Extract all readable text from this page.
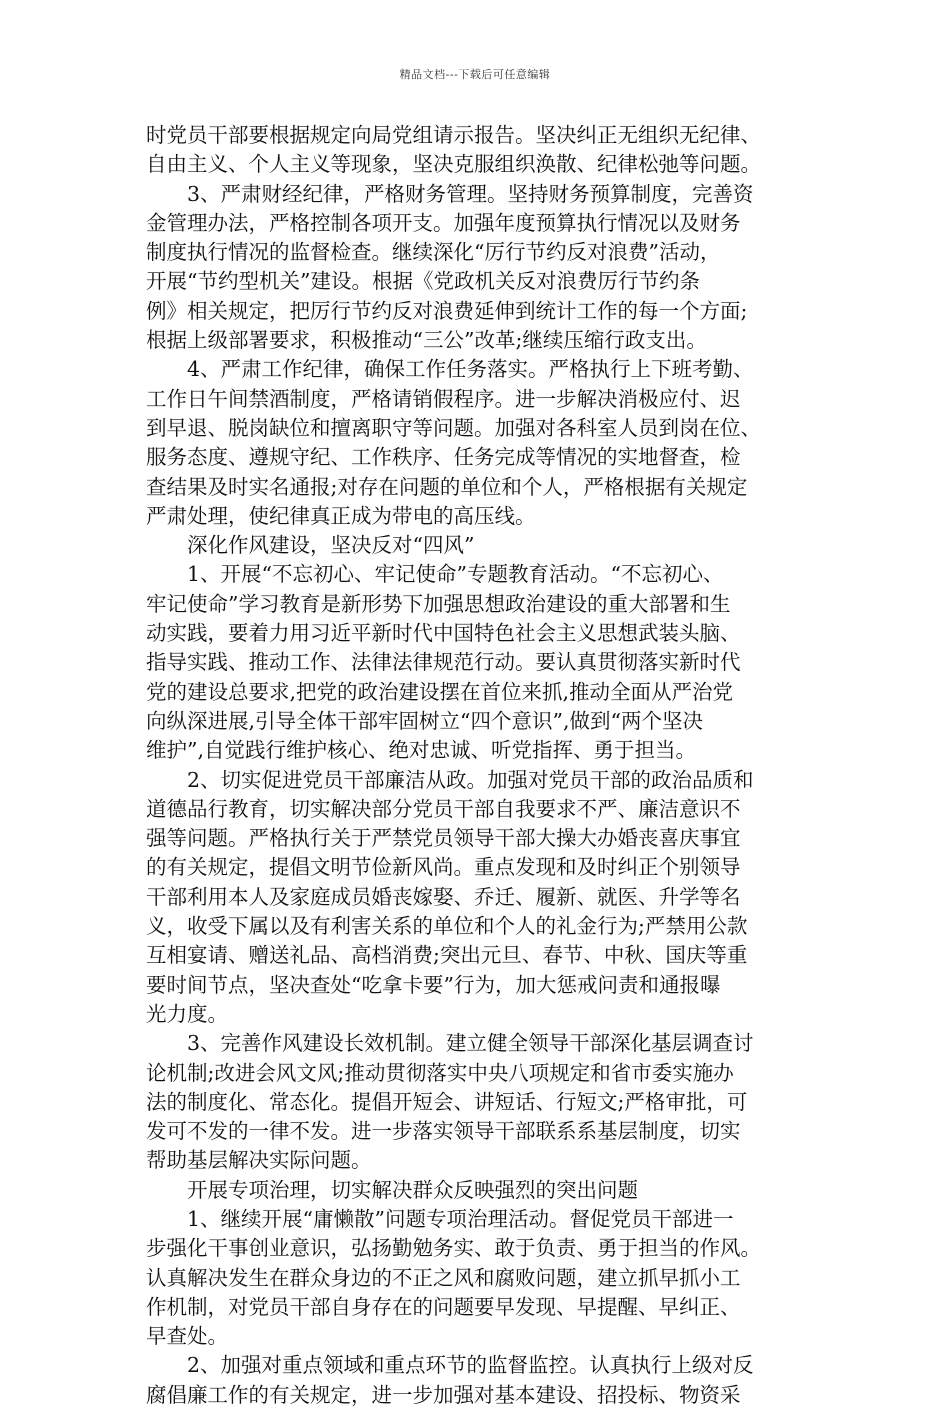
精品文档---下载后可任意编辑
时党员干部要根据规定向局党组请示报告。坚决纠正无组织无纪律、
自由主义、个人主义等现象，坚决克服组织涣散、纪律松弛等问题。
3、严肃财经纪律，严格财务管理。坚持财务预算制度，完善资
金管理办法，严格控制各项开支。加强年度预算执行情况以及财务
制度执行情况的监督检查。继续深化“厉行节约反对浪费”活动，
开展“节约型机关”建设。根据《党政机关反对浪费厉行节约条
例》相关规定，把厉行节约反对浪费延伸到统计工作的每一个方面;
根据上级部署要求，积极推动“三公”改革;继续压缩行政支出。
4、严肃工作纪律，确保工作任务落实。严格执行上下班考勤、
工作日午间禁酒制度，严格请销假程序。进一步解决消极应付、迟
到早退、脱岗缺位和擅离职守等问题。加强对各科室人员到岗在位、
服务态度、遵规守纪、工作秩序、任务完成等情况的实地督查，检
查结果及时实名通报;对存在问题的单位和个人，严格根据有关规定
严肃处理，使纪律真正成为带电的高压线。
深化作风建设，坚决反对“四风”
1、开展“不忘初心、牢记使命”专题教育活动。“不忘初心、
牢记使命”学习教育是新形势下加强思想政治建设的重大部署和生
动实践，要着力用习近平新时代中国特色社会主义思想武装头脑、
指导实践、推动工作、法律法律规范行动。要认真贯彻落实新时代
党的建设总要求,把党的政治建设摆在首位来抓,推动全面从严治党
向纵深进展,引导全体干部牢固树立“四个意识”,做到“两个坚决
维护”,自觉践行维护核心、绝对忠诚、听党指挥、勇于担当。
2、切实促进党员干部廉洁从政。加强对党员干部的政治品质和
道德品行教育，切实解决部分党员干部自我要求不严、廉洁意识不
强等问题。严格执行关于严禁党员领导干部大操大办婚丧喜庆事宜
的有关规定，提倡文明节俭新风尚。重点发现和及时纠正个别领导
干部利用本人及家庭成员婚丧嫁娶、乔迁、履新、就医、升学等名
义，收受下属以及有利害关系的单位和个人的礼金行为;严禁用公款
互相宴请、赠送礼品、高档消费;突出元旦、春节、中秋、国庆等重
要时间节点，坚决查处“吃拿卡要”行为，加大惩戒问责和通报曝
光力度。
3、完善作风建设长效机制。建立健全领导干部深化基层调查讨
论机制;改进会风文风;推动贯彻落实中央八项规定和省市委实施办
法的制度化、常态化。提倡开短会、讲短话、行短文;严格审批，可
发可不发的一律不发。进一步落实领导干部联系系基层制度，切实
帮助基层解决实际问题。
开展专项治理，切实解决群众反映强烈的突出问题
1、继续开展“庸懒散”问题专项治理活动。督促党员干部进一
步强化干事创业意识，弘扬勤勉务实、敢于负责、勇于担当的作风。
认真解决发生在群众身边的不正之风和腐败问题，建立抓早抓小工
作机制，对党员干部自身存在的问题要早发现、早提醒、早纠正、
早查处。
2、加强对重点领域和重点环节的监督监控。认真执行上级对反
腐倡廉工作的有关规定，进一步加强对基本建设、招投标、物资采
